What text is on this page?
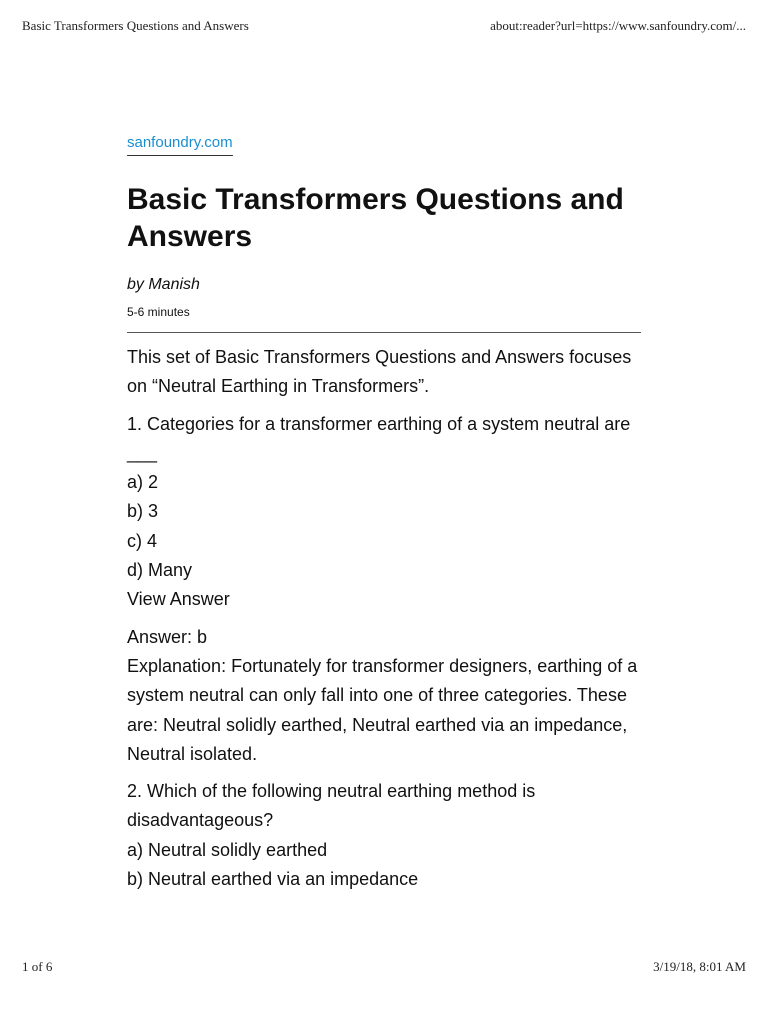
Basic Transformers Questions and Answers	about:reader?url=https://www.sanfoundry.com/...
sanfoundry.com
Basic Transformers Questions and Answers
by Manish
5-6 minutes

This set of Basic Transformers Questions and Answers focuses on “Neutral Earthing in Transformers”.

1. Categories for a transformer earthing of a system neutral are ___
a) 2
b) 3
c) 4
d) Many
View Answer
Answer: b
Explanation: Fortunately for transformer designers, earthing of a system neutral can only fall into one of three categories. These are: Neutral solidly earthed, Neutral earthed via an impedance, Neutral isolated.
2. Which of the following neutral earthing method is disadvantageous?
a) Neutral solidly earthed
b) Neutral earthed via an impedance
1 of 6	3/19/18, 8:01 AM
